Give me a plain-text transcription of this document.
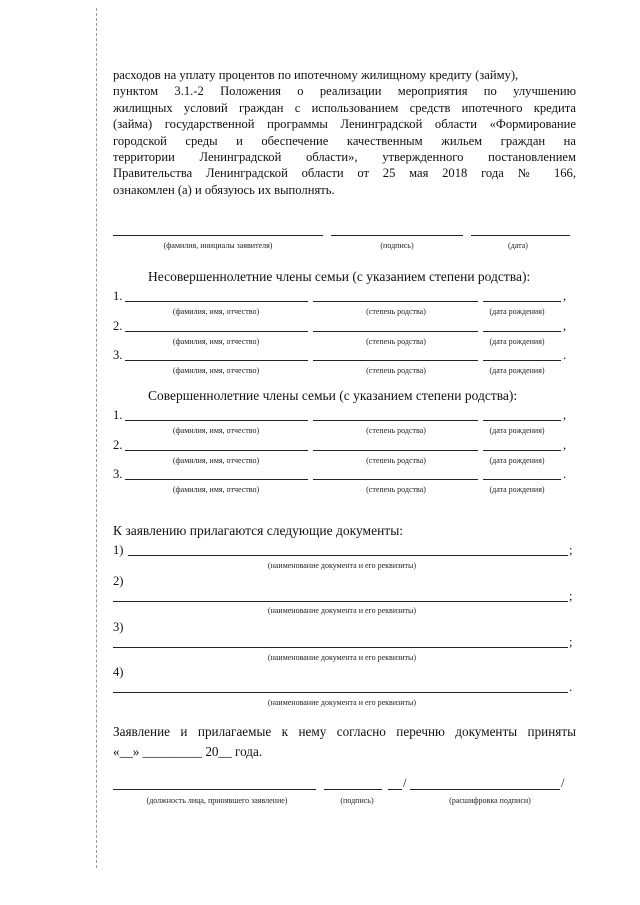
расходов на уплату процентов по ипотечному жилищному кредиту (займу),
пунктом 3.1.-2 Положения о реализации мероприятия по улучшению
жилищных условий граждан с использованием средств ипотечного кредита
(займа) государственной программы Ленинградской области «Формирование
городской среды и обеспечение качественным жильем граждан на
территории Ленинградской области», утвержденного постановлением
Правительства Ленинградской области от 25 мая 2018 года № 166,
ознакомлен (а) и обязуюсь их выполнять.
(фамилия, инициалы заявителя)	(подпись)	(дата)
Несовершеннолетние члены семьи (с указанием степени родства):
1.	,
(фамилия, имя, отчество)	(степень родства)	(дата рождения)
2.	,
(фамилия, имя, отчество)	(степень родства)	(дата рождения)
3.	.
(фамилия, имя, отчество)	(степень родства)	(дата рождения)
Совершеннолетние члены семьи (с указанием степени родства):
1.	,
(фамилия, имя, отчество)	(степень родства)	(дата рождения)
2.	,
(фамилия, имя, отчество)	(степень родства)	(дата рождения)
3.	.
(фамилия, имя, отчество)	(степень родства)	(дата рождения)
К заявлению прилагаются следующие документы:
1)	;
(наименование документа и его реквизиты)
2)
;
(наименование документа и его реквизиты)
3)
;
(наименование документа и его реквизиты)
4)
.
(наименование документа и его реквизиты)
Заявление и прилагаемые к нему согласно перечню документы приняты
«__» _________ 20__ года.
/	/
(должность лица, принявшего заявление)	(подпись)	(расшифровка подписи)
